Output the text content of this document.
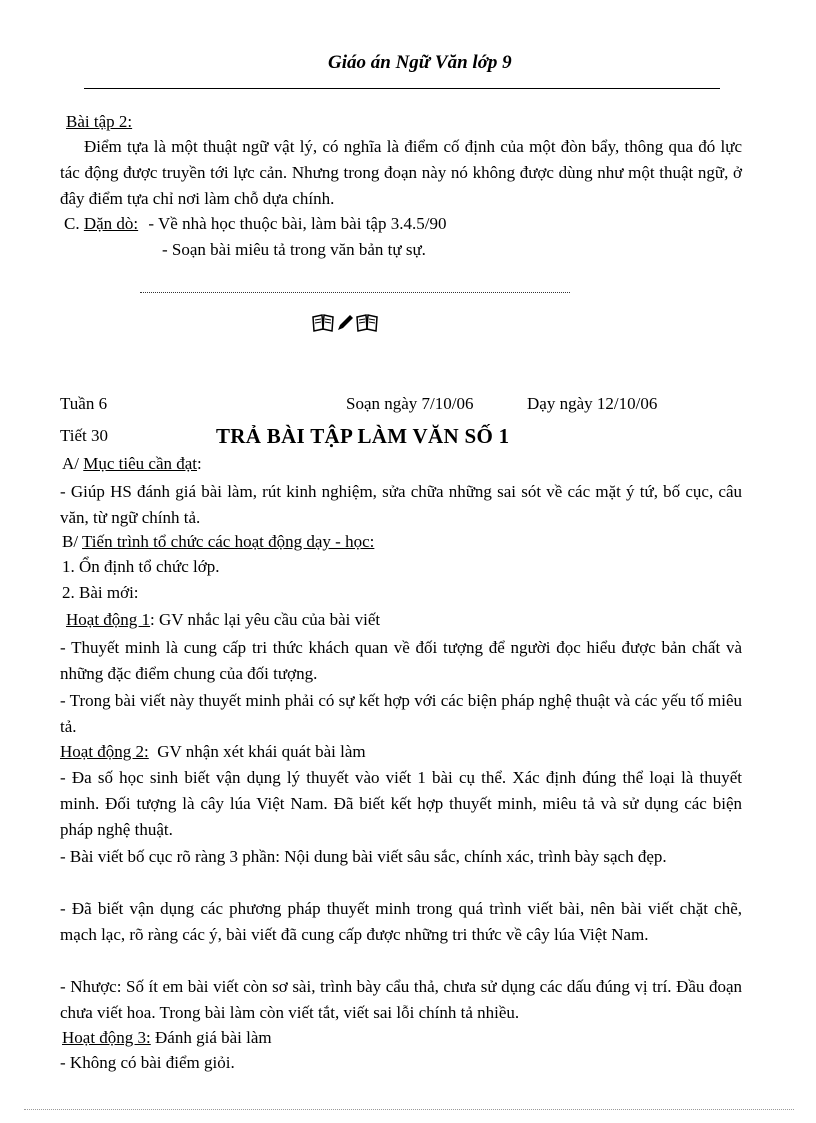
Giáo án Ngữ Văn lớp 9
Bài tập 2:
Điểm tựa là một thuật ngữ vật lý, có nghĩa là điểm cố định của một đòn bẩy, thông qua đó lực tác động được truyền tới lực cản. Nhưng trong đoạn này nó không được dùng như một thuật ngữ, ở đây điểm tựa chỉ nơi làm chỗ dựa chính.
C. Dặn dò: - Về nhà học thuộc bài, làm bài tập 3.4.5/90
- Soạn bài miêu tả trong văn bản tự sự.
Tuần 6	Soạn ngày 7/10/06	Dạy ngày 12/10/06
Tiết 30	TRẢ BÀI TẬP LÀM VĂN SỐ 1
A/ Mục tiêu cần đạt:
- Giúp HS đánh giá bài làm, rút kinh nghiệm, sửa chữa những sai sót về các mặt ý tứ, bố cục, câu văn, từ ngữ chính tả.
B/ Tiến trình tổ chức các hoạt động dạy - học:
1. Ổn định tổ chức lớp.
2. Bài mới:
Hoạt động 1: GV nhắc lại yêu cầu của bài viết
- Thuyết minh là cung cấp tri thức khách quan về đối tượng để người đọc hiểu được bản chất và những đặc điểm chung của đối tượng.
- Trong bài viết này thuyết minh phải có sự kết hợp với các biện pháp nghệ thuật và các yếu tố miêu tả.
Hoạt động 2:  GV nhận xét khái quát bài làm
- Đa số học sinh biết vận dụng lý thuyết vào viết 1 bài cụ thể. Xác định đúng thể loại là thuyết minh. Đối tượng là cây lúa Việt Nam. Đã biết kết hợp thuyết minh, miêu tả và sử dụng các biện pháp nghệ thuật.
- Bài viết bố cục rõ ràng 3 phần: Nội dung bài viết sâu sắc, chính xác, trình bày sạch đẹp.
- Đã biết vận dụng các phương pháp thuyết minh trong quá trình viết bài, nên bài viết chặt chẽ, mạch lạc, rõ ràng các ý, bài viết đã cung cấp được những tri thức về cây lúa Việt Nam.
- Nhược: Số ít em bài viết còn sơ sài, trình bày cẩu thả, chưa sử dụng các dấu đúng vị trí. Đầu đoạn chưa viết hoa. Trong bài làm còn viết tắt, viết sai lỗi chính tả nhiều.
Hoạt động 3: Đánh giá bài làm
- Không có bài điểm giỏi.
